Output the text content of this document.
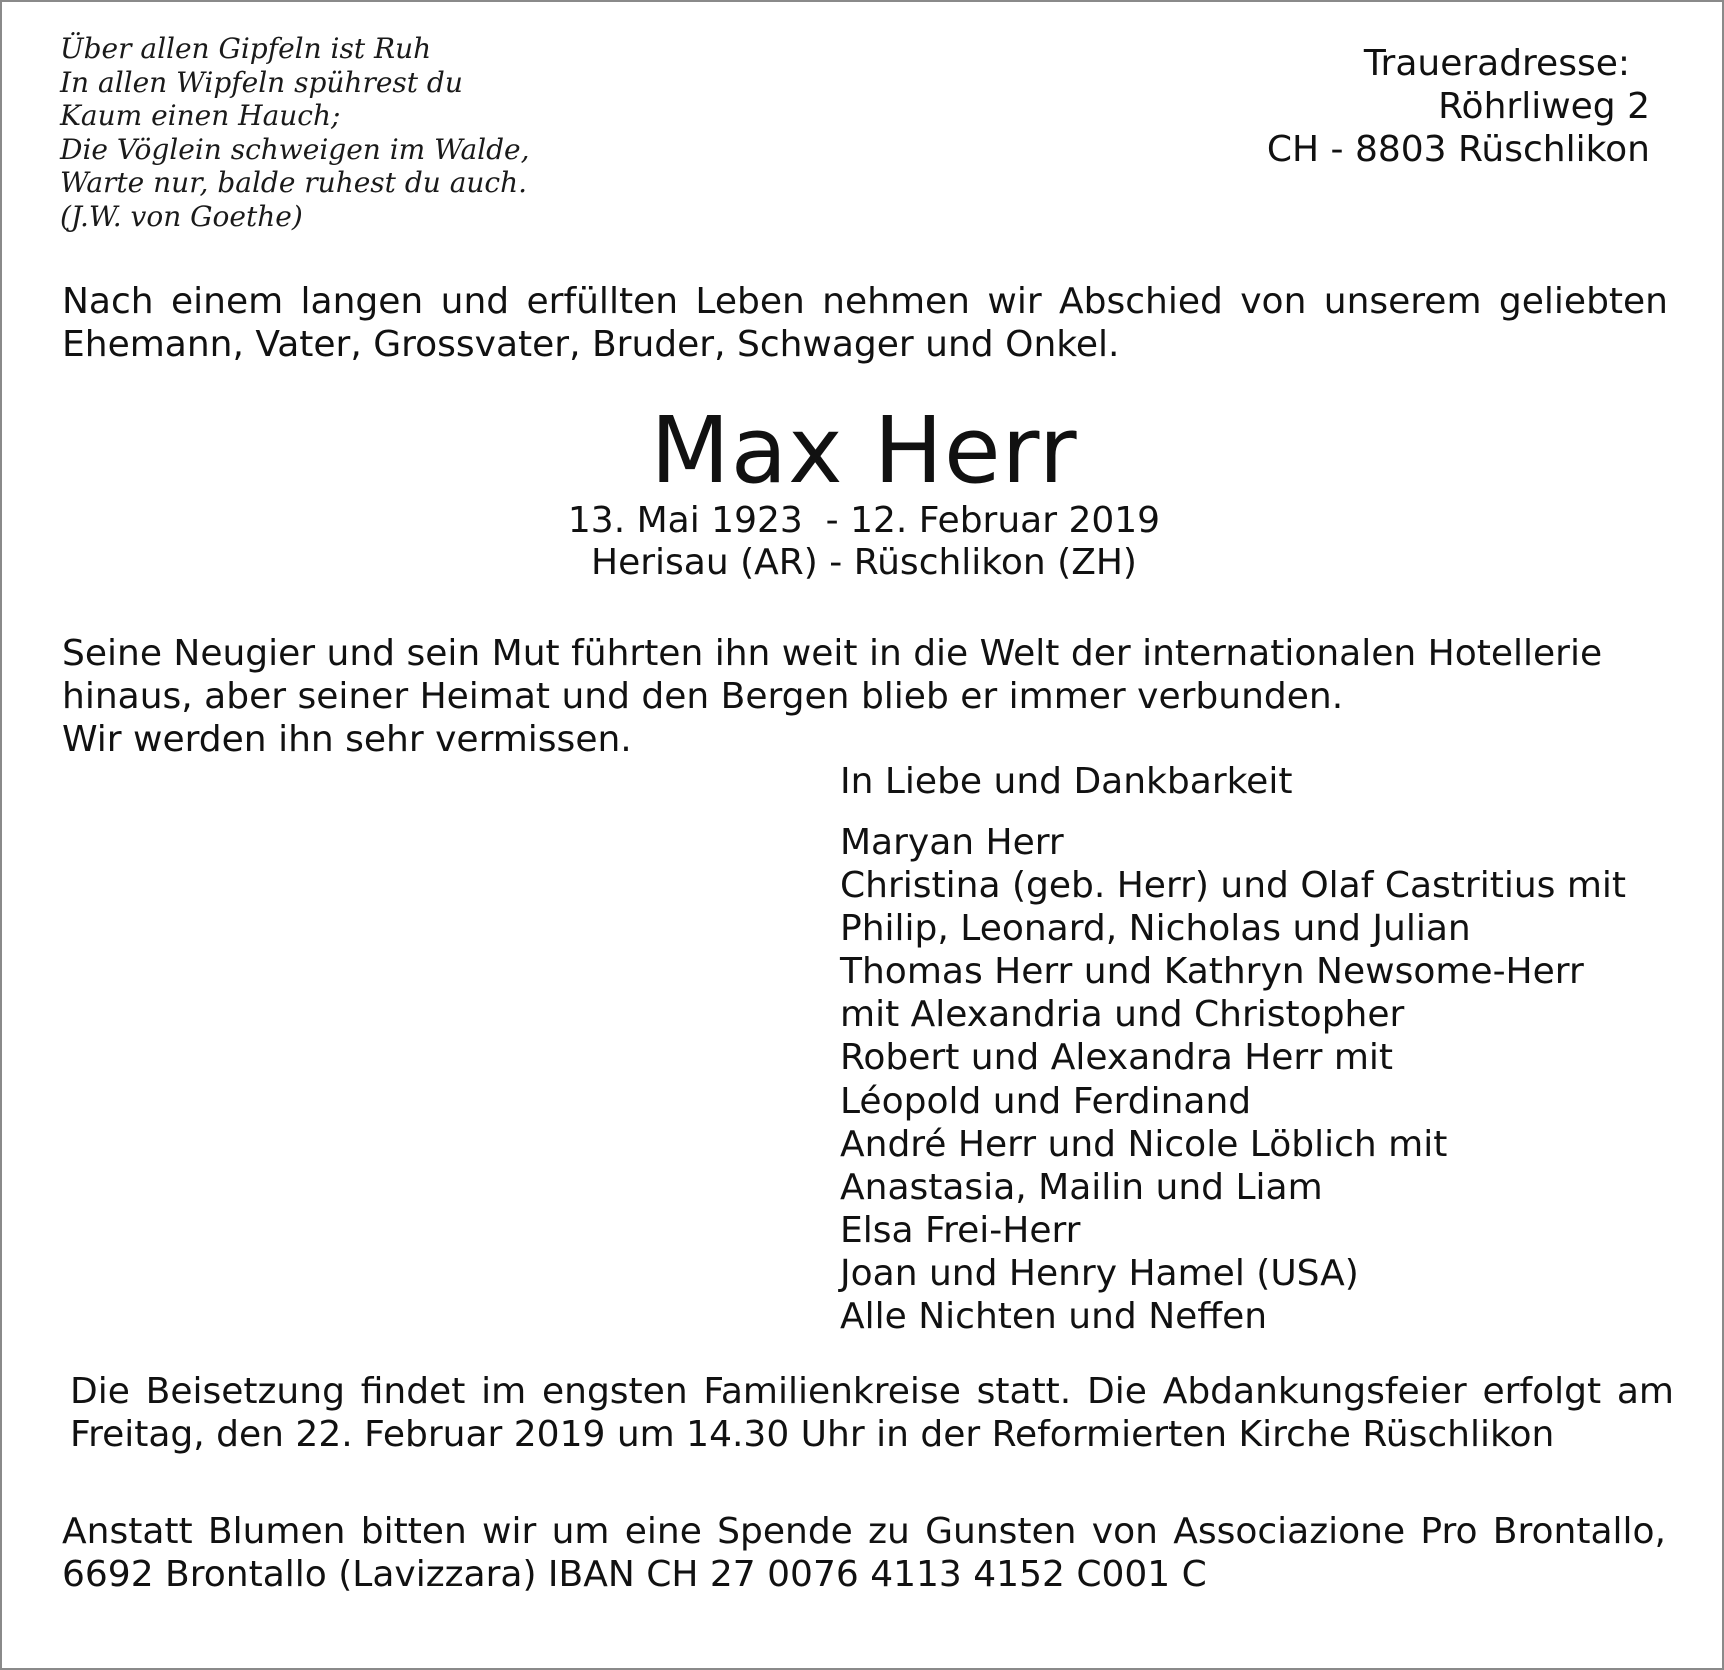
Über allen Gipfeln ist Ruh
In allen Wipfeln spührest du
Kaum einen Hauch;
Die Vöglein schweigen im Walde,
Warte nur, balde ruhest du auch.
(J.W. von Goethe)
Traueradresse:
Röhrliweg 2
CH - 8803 Rüschlikon
Nach einem langen und erfüllten Leben nehmen wir Abschied von unserem geliebten Ehemann, Vater, Grossvater, Bruder, Schwager und Onkel.
Max Herr
13. Mai 1923  - 12. Februar 2019
Herisau (AR) - Rüschlikon (ZH)
Seine Neugier und sein Mut führten ihn weit in die Welt der internationalen Hotellerie
hinaus, aber seiner Heimat und den Bergen blieb er immer verbunden.
Wir werden ihn sehr vermissen.
In Liebe und Dankbarkeit
Maryan Herr
Christina (geb. Herr) und Olaf Castritius mit
Philip, Leonard, Nicholas und Julian
Thomas Herr und Kathryn Newsome-Herr
mit Alexandria und Christopher
Robert und Alexandra Herr mit
Léopold und Ferdinand
André Herr und Nicole Löblich mit
Anastasia, Mailin und Liam
Elsa Frei-Herr
Joan und Henry Hamel (USA)
Alle Nichten und Neffen
Die Beisetzung findet im engsten Familienkreise statt. Die Abdankungsfeier erfolgt am Freitag, den 22. Februar 2019 um 14.30 Uhr in der Reformierten Kirche Rüschlikon
Anstatt Blumen bitten wir um eine Spende zu Gunsten von Associazione Pro Brontallo, 6692 Brontallo (Lavizzara) IBAN CH 27 0076 4113 4152 C001 C
